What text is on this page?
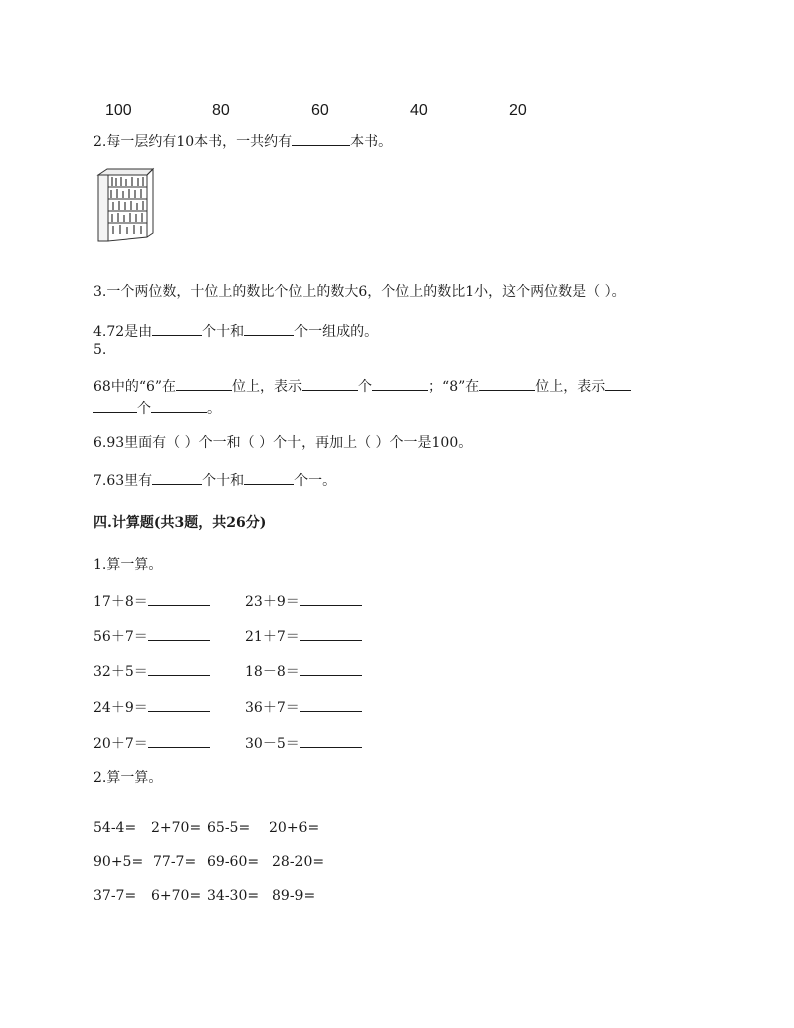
100	80	60	40	20
2.每一层约有10本书，一共约有	本书。
3.一个两位数，十位上的数比个位上的数大6，个位上的数比1小，这个两位数是（ ）。
4.72是由	个十和	个一组成的。
5.
68中的“6”在	位上，表示	个	；“8”在	位上，表示
个	。
6.93里面有（ ）个一和（ ）个十，再加上（ ）个一是100。
7.63里有	个十和	个一。
四.计算题(共3题，共26分)
1.算一算。
17＋8＝	23＋9＝
56＋7＝	21＋7＝
32＋5＝	18－8＝
24＋9＝	36＋7＝
20＋7＝	30－5＝
2.算一算。
54-4= 2+70= 65-5= 20+6=
90+5= 77-7= 69-60= 28-20=
37-7= 6+70= 34-30= 89-9=
